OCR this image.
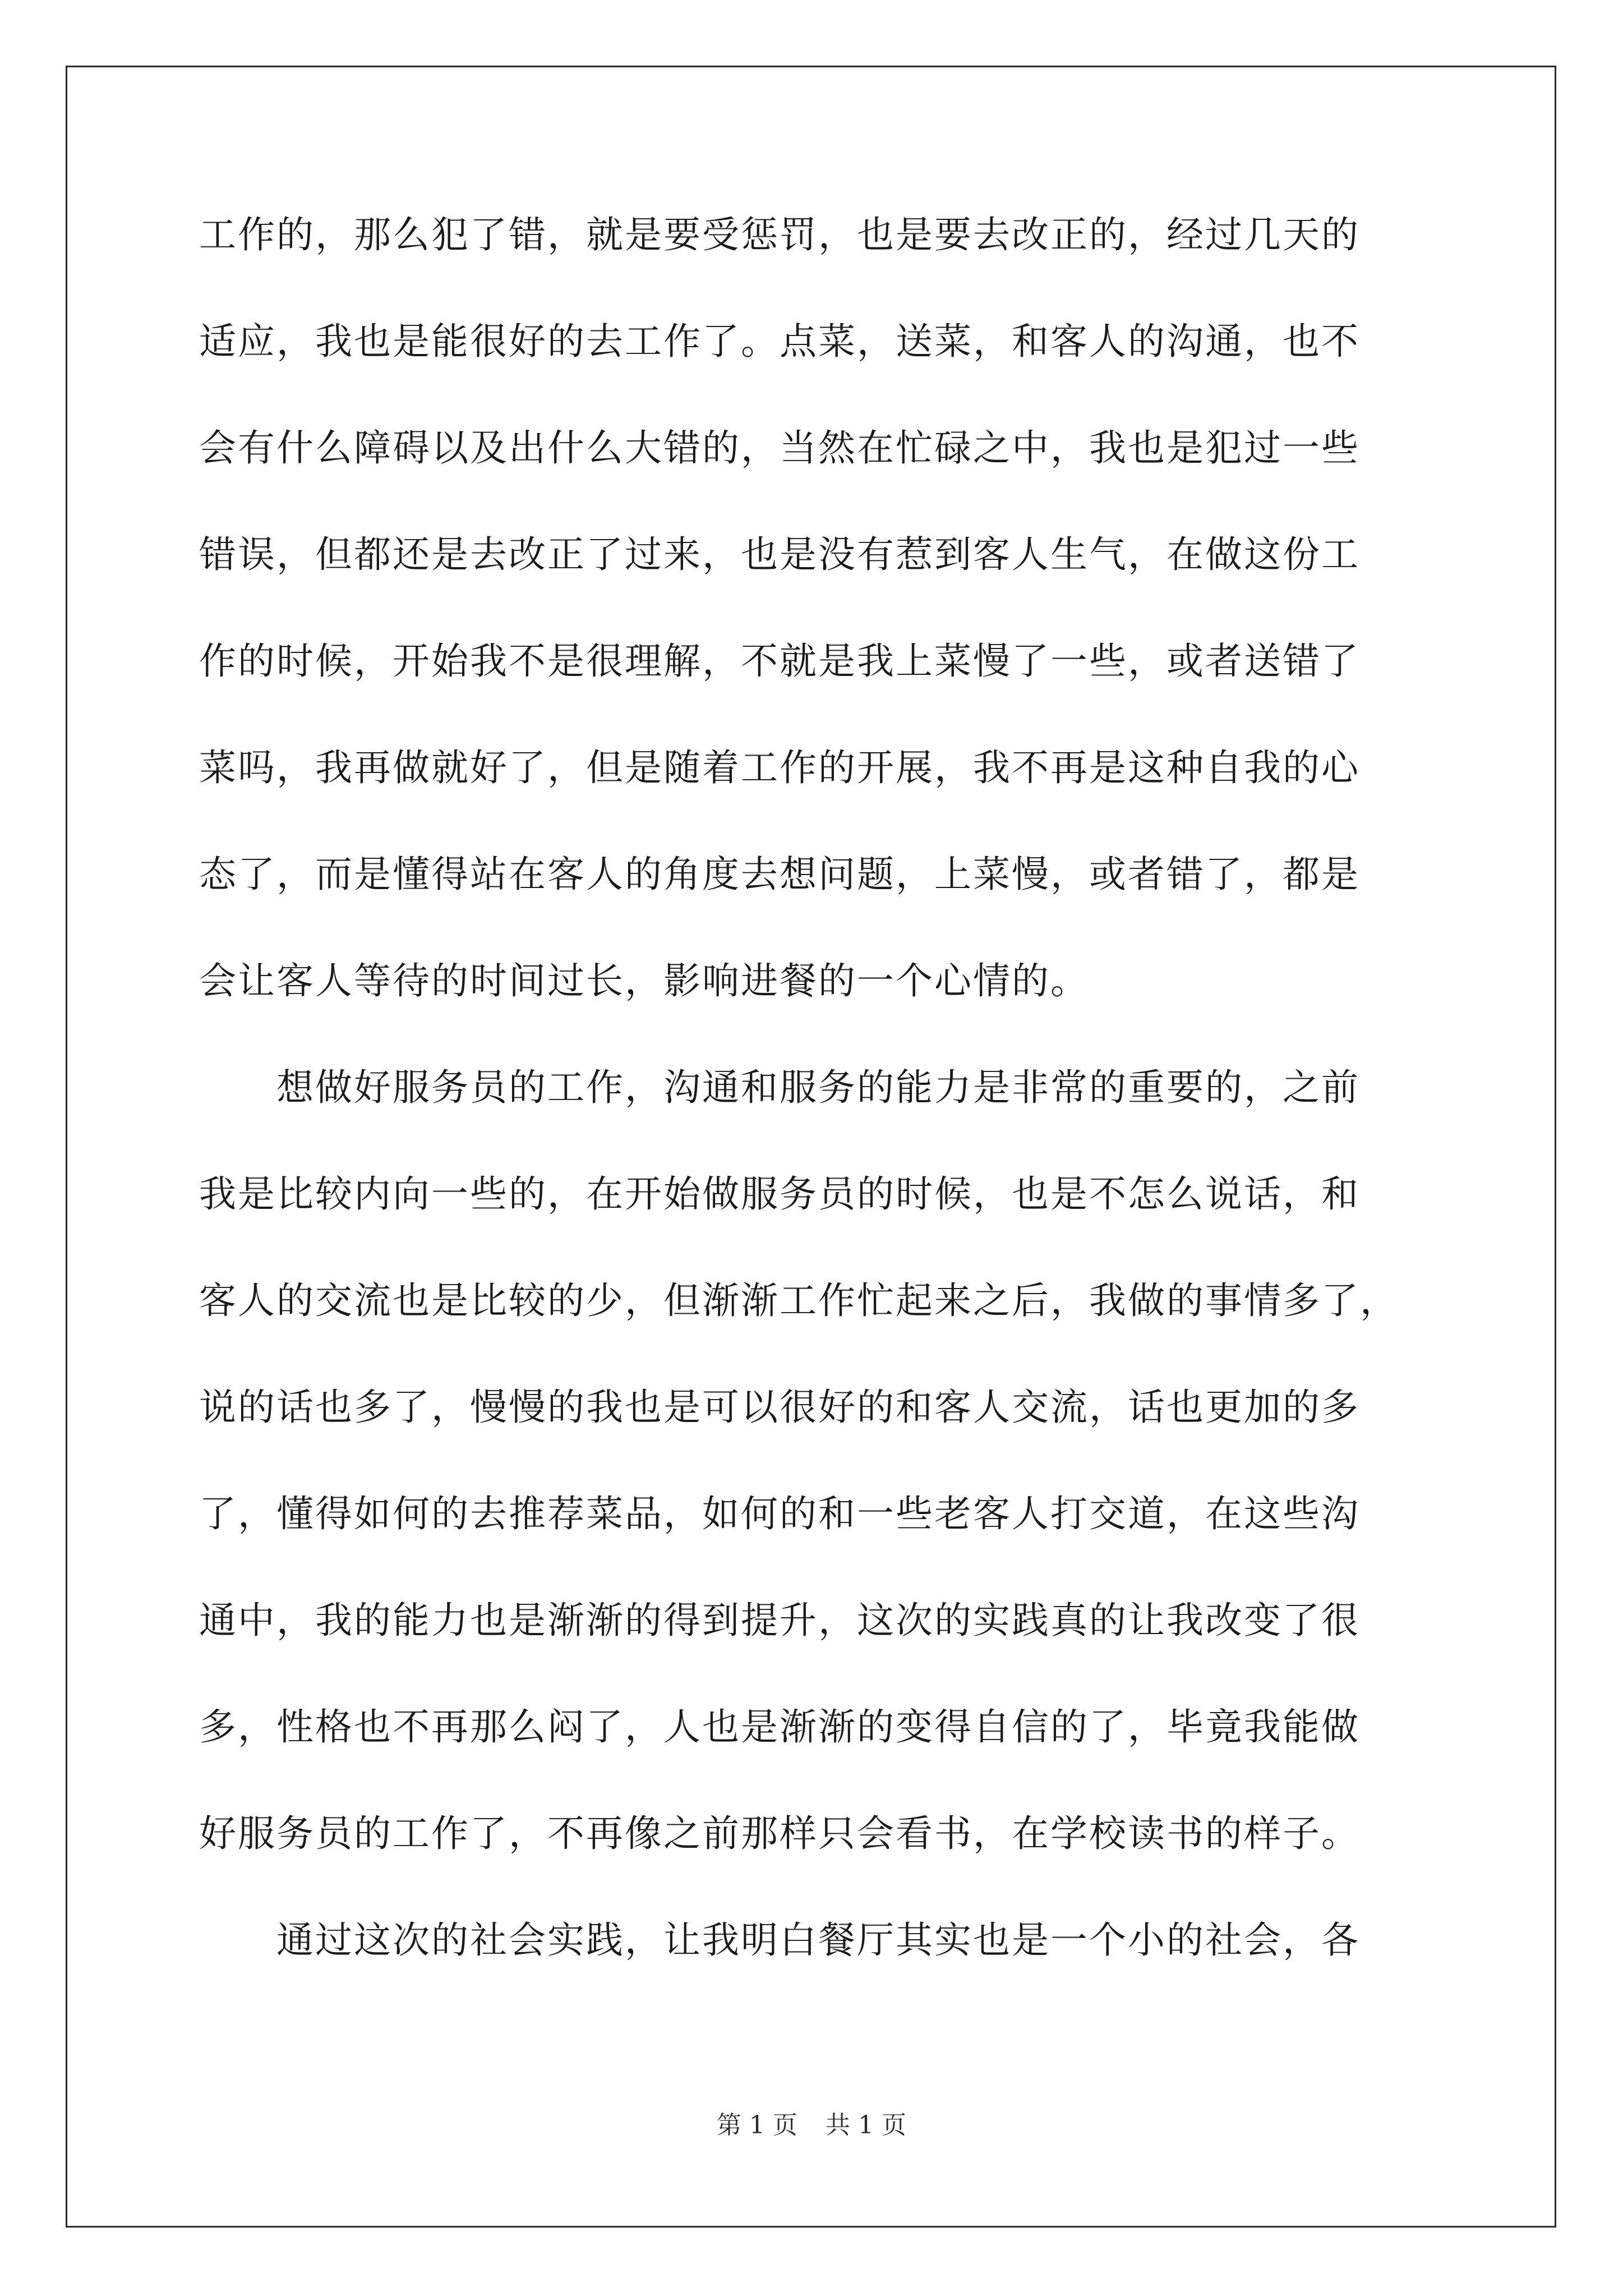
工作的，那么犯了错，就是要受惩罚，也是要去改正的，经过几天的
适应，我也是能很好的去工作了。点菜，送菜，和客人的沟通，也不
会有什么障碍以及出什么大错的，当然在忙碌之中，我也是犯过一些
错误，但都还是去改正了过来，也是没有惹到客人生气，在做这份工
作的时候，开始我不是很理解，不就是我上菜慢了一些，或者送错了
菜吗，我再做就好了，但是随着工作的开展，我不再是这种自我的心
态了，而是懂得站在客人的角度去想问题，上菜慢，或者错了，都是
会让客人等待的时间过长，影响进餐的一个心情的。
　　想做好服务员的工作，沟通和服务的能力是非常的重要的，之前
我是比较内向一些的，在开始做服务员的时候，也是不怎么说话，和
客人的交流也是比较的少，但渐渐工作忙起来之后，我做的事情多了，
说的话也多了，慢慢的我也是可以很好的和客人交流，话也更加的多
了，懂得如何的去推荐菜品，如何的和一些老客人打交道，在这些沟
通中，我的能力也是渐渐的得到提升，这次的实践真的让我改变了很
多，性格也不再那么闷了，人也是渐渐的变得自信的了，毕竟我能做
好服务员的工作了，不再像之前那样只会看书，在学校读书的样子。
　　通过这次的社会实践，让我明白餐厅其实也是一个小的社会，各
第 1 页 共 1 页
